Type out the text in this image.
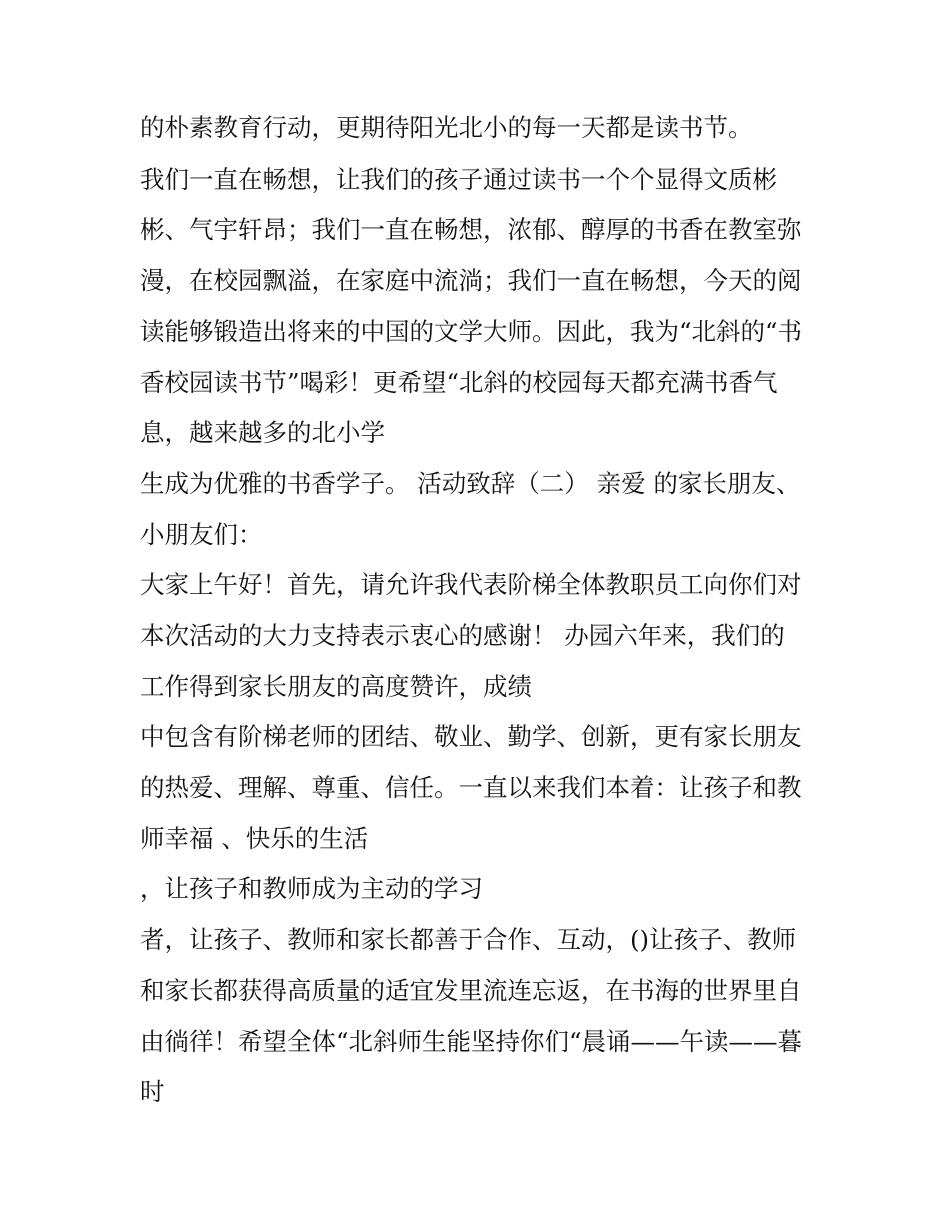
的朴素教育行动，更期待阳光北小的每一天都是读书节。

我们一直在畅想，让我们的孩子通过读书一个个显得文质彬

彬、气宇轩昂；我们一直在畅想，浓郁、醇厚的书香在教室弥

漫，在校园飘溢，在家庭中流淌；我们一直在畅想，今天的阅

读能够锻造出将来的中国的文学大师。因此，我为“北斜的“书

香校园读书节”喝彩！更希望“北斜的校园每天都充满书香气

息，越来越多的北小学

生成为优雅的书香学子。 活动致辞（二） 亲爱 的家长朋友、

小朋友们：

大家上午好！首先，请允许我代表阶梯全体教职员工向你们对

本次活动的大力支持表示衷心的感谢！ 办园六年来，我们的

工作得到家长朋友的高度赞许，成绩

中包含有阶梯老师的团结、敬业、勤学、创新，更有家长朋友

的热爱、理解、尊重、信任。一直以来我们本着：让孩子和教

师幸福 、快乐的生活

，让孩子和教师成为主动的学习

者，让孩子、教师和家长都善于合作、互动，()让孩子、教师

和家长都获得高质量的适宜发里流连忘返，在书海的世界里自

由徜徉！希望全体“北斜师生能坚持你们“晨诵——午读——暮

时
